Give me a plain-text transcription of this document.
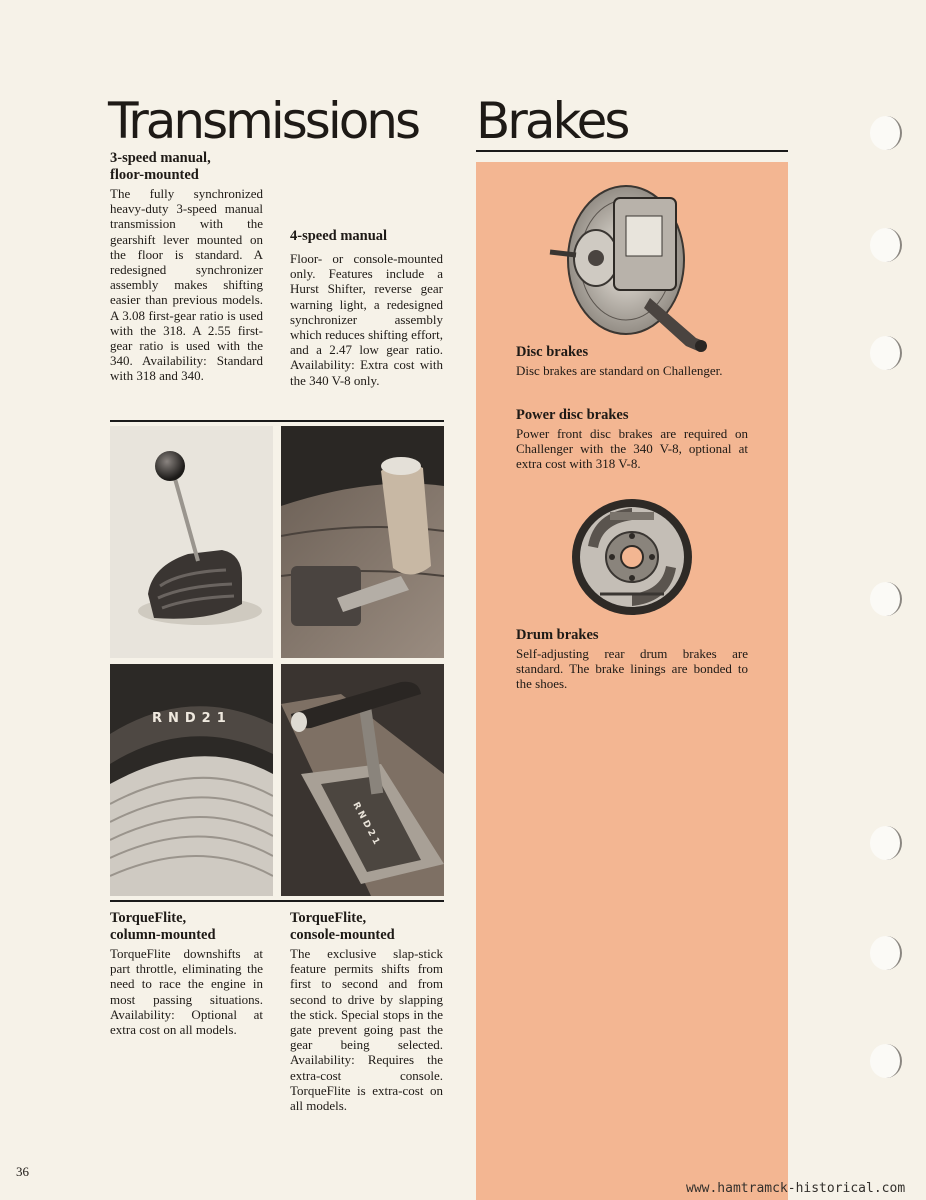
Transmissions
3-speed manual,
floor-mounted

The fully synchronized heavy-duty 3-speed manual transmission with the gearshift lever mounted on the floor is standard. A redesigned synchronizer assembly makes shifting easier than previous models. A 3.08 first-gear ratio is used with the 318. A 2.55 first-gear ratio is used with the 340. Availability: Standard with 318 and 340.

4-speed manual

Floor- or console-mounted only. Features include a Hurst Shifter, reverse gear warning light, a redesigned synchronizer assembly which reduces shifting effort, and a 2.47 low gear ratio. Availability: Extra cost with the 340 V-8 only.

RND21
RND21
TorqueFlite,
column-mounted

TorqueFlite downshifts at part throttle, eliminating the need to race the engine in most passing situations. Availability: Optional at extra cost on all models.

TorqueFlite,
console-mounted

The exclusive slap-stick feature permits shifts from first to second and from second to drive by slapping the stick. Special stops in the gate prevent going past the gear being selected. Availability: Requires the extra-cost console. TorqueFlite is extra-cost on all models.

Brakes
Disc brakes

Disc brakes are standard on Challenger.

Power disc brakes

Power front disc brakes are required on Challenger with the 340 V-8, optional at extra cost with 318 V-8.

Drum brakes

Self-adjusting rear drum brakes are standard. The brake linings are bonded to the shoes.

36
www.hamtramck-historical.com
